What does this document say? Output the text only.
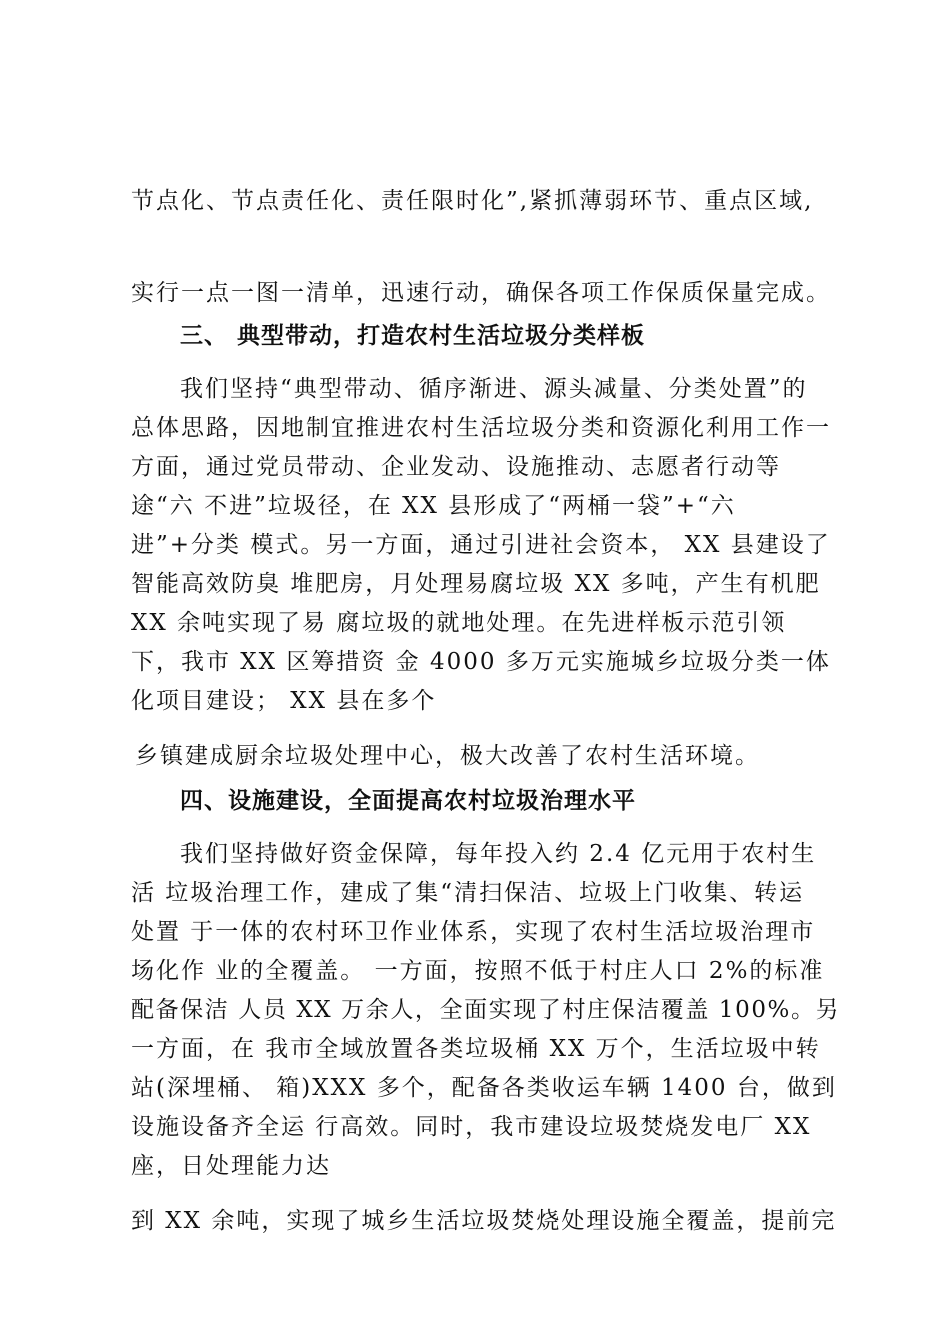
节点化、节点责任化、责任限时化”,紧抓薄弱环节、重点区域,
实行一点一图一清单，迅速行动，确保各项工作保质保量完成。
三、 典型带动，打造农村生活垃圾分类样板
我们坚持“典型带动、循序渐进、源头减量、分类处置”的
总体思路，因地制宜推进农村生活垃圾分类和资源化利用工作一
方面，通过党员带动、企业发动、设施推动、志愿者行动等
途“六 不进”垃圾径，在 XX 县形成了“两桶一袋”+“六
进”+分类 模式。另一方面，通过引进社会资本， XX 县建设了
智能高效防臭 堆肥房，月处理易腐垃圾 XX 多吨，产生有机肥
XX 余吨实现了易 腐垃圾的就地处理。在先进样板示范引领
下，我市 XX 区筹措资 金 4000 多万元实施城乡垃圾分类一体
化项目建设； XX 县在多个
乡镇建成厨余垃圾处理中心，极大改善了农村生活环境。
四、设施建设，全面提高农村垃圾治理水平
我们坚持做好资金保障，每年投入约 2.4 亿元用于农村生
活 垃圾治理工作，建成了集“清扫保洁、垃圾上门收集、转运
处置 于一体的农村环卫作业体系，实现了农村生活垃圾治理市
场化作 业的全覆盖。 一方面，按照不低于村庄人口 2%的标准
配备保洁 人员 XX 万余人，全面实现了村庄保洁覆盖 100%。另
一方面，在 我市全域放置各类垃圾桶 XX 万个，生活垃圾中转
站(深埋桶、 箱)XXX 多个，配备各类收运车辆 1400 台，做到
设施设备齐全运 行高效。同时，我市建设垃圾焚烧发电厂 XX
座，日处理能力达
到 XX 余吨，实现了城乡生活垃圾焚烧处理设施全覆盖，提前完
